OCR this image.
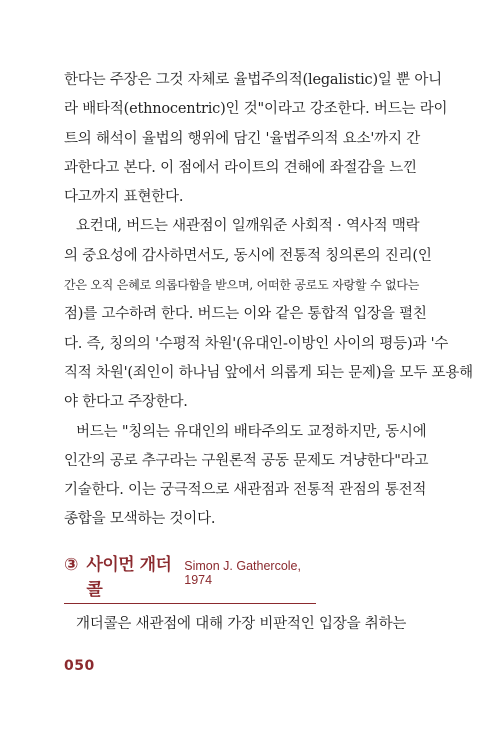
한다는 주장은 그것 자체로 율법주의적(legalistic)일 뿐 아니
라 배타적(ethnocentric)인 것"이라고 강조한다. 버드는 라이
트의 해석이 율법의 행위에 담긴 '율법주의적 요소'까지 간
과한다고 본다. 이 점에서 라이트의 견해에 좌절감을 느낀
다고까지 표현한다.
요컨대, 버드는 새관점이 일깨워준 사회적 · 역사적 맥락
의 중요성에 감사하면서도, 동시에 전통적 칭의론의 진리(인
간은 오직 은혜로 의롭다함을 받으며, 어떠한 공로도 자랑할 수 없다는
점)를 고수하려 한다. 버드는 이와 같은 통합적 입장을 펼친
다. 즉, 칭의의 '수평적 차원'(유대인-이방인 사이의 평등)과 '수
직적 차원'(죄인이 하나님 앞에서 의롭게 되는 문제)을 모두 포용해
야 한다고 주장한다.
버드는 "칭의는 유대인의 배타주의도 교정하지만, 동시에
인간의 공로 추구라는 구원론적 공동 문제도 겨냥한다"라고
기술한다. 이는 궁극적으로 새관점과 전통적 관점의 통전적
종합을 모색하는 것이다.
③ 사이먼 개더콜
Simon J. Gathercole, 1974
개더콜은 새관점에 대해 가장 비판적인 입장을 취하는
050
